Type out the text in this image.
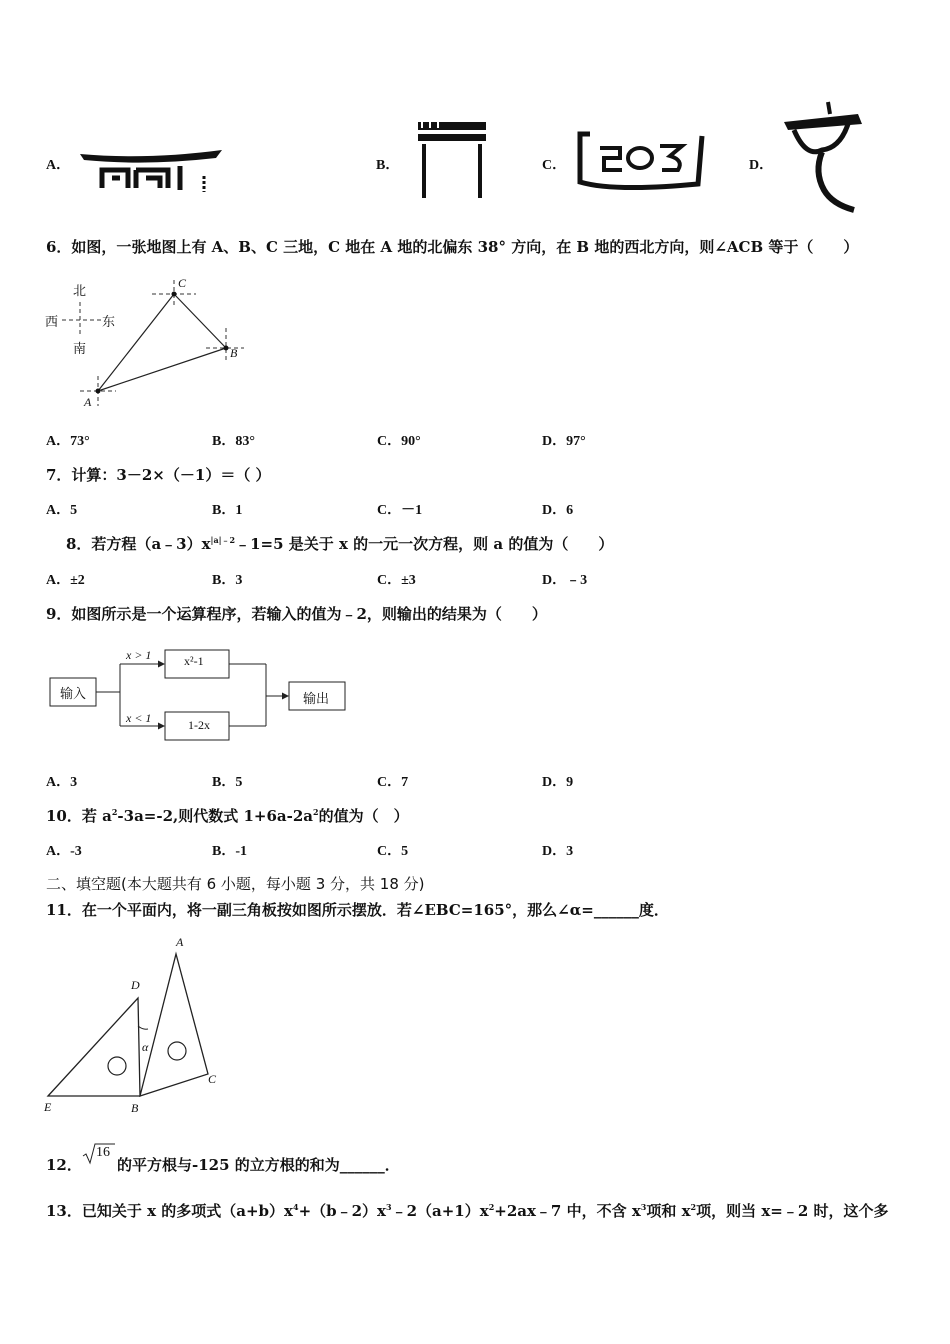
A．	B．	C．	D．
6．如图，一张地图上有 A、B、C 三地，C 地在 A 地的北偏东 38° 方向，在 B 地的西北方向，则∠ACB 等于（　　）
北
南
西	东
C
B
A
A．73°	B．83°	C．90°	D．97°
7．计算：3－2×（－1）＝（ ）
A．5	B．1	C．－1	D．6
8．若方程$(a﹣3)x^{|a|﹣2}﹣1=5$ 是关于 x 的一元一次方程，则 a 的值为（　　）
A．±2	B．3	C．±3	D．﹣3
9．如图所示是一个运算程序，若输入的值为﹣2，则输出的结果为（　　）
输入	输出
x > 1
x < 1
x²-1
1-2x
A．3	B．5	C．7	D．9
10．若 $a^2-3a=-2$,则代数式 $1+6a-2a^2$的值为（　）
A．-3	B．-1	C．5	D．3
二、填空题(本大题共有 6 小题，每小题 3 分，共 18 分)
11．在一个平面内，将一副三角板按如图所示摆放．若∠EBC=165°，那么∠α=______度．
A
D
α
E	B
C
12．
16
的平方根与-125 的立方根的和为______．
13．已知关于 x 的多项式$(a+b)x^4+(b﹣2)x^3﹣2(a+1)x^2+2ax﹣7$ 中，不含 $x^3$项和 $x^2$项，则当 x=﹣2 时，这个多
